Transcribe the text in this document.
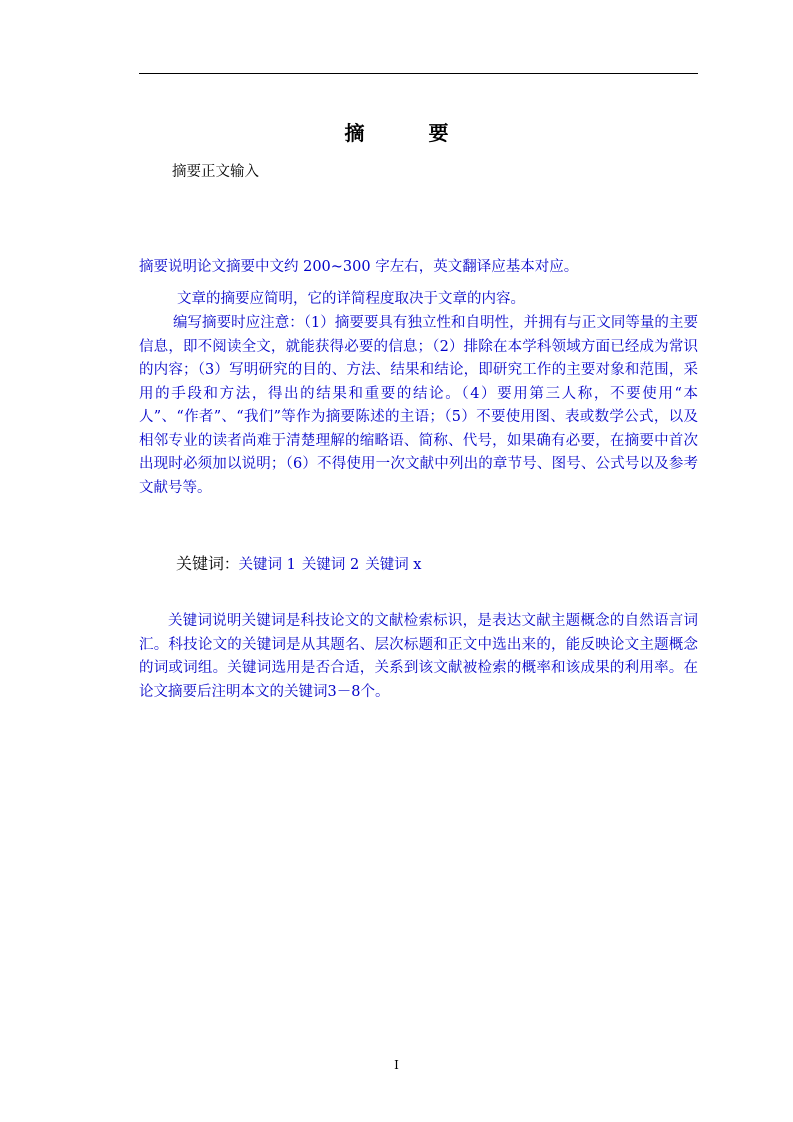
摘　要
摘要正文输入
摘要说明论文摘要中文约 200~300 字左右，英文翻译应基本对应。
文章的摘要应简明，它的详简程度取决于文章的内容。
编写摘要时应注意：（1）摘要要具有独立性和自明性，并拥有与正文同等量的主要信息，即不阅读全文，就能获得必要的信息；（2）排除在本学科领域方面已经成为常识的内容；（3）写明研究的目的、方法、结果和结论，即研究工作的主要对象和范围，采用的手段和方法，得出的结果和重要的结论。（4）要用第三人称，不要使用“本人”、“作者”、“我们”等作为摘要陈述的主语；（5）不要使用图、表或数学公式，以及相邻专业的读者尚难于清楚理解的缩略语、简称、代号，如果确有必要，在摘要中首次出现时必须加以说明；（6）不得使用一次文献中列出的章节号、图号、公式号以及参考文献号等。
关键词：关键词 1 关键词 2 关键词 x
关键词说明关键词是科技论文的文献检索标识，是表达文献主题概念的自然语言词汇。科技论文的关键词是从其题名、层次标题和正文中选出来的，能反映论文主题概念的词或词组。关键词选用是否合适，关系到该文献被检索的概率和该成果的利用率。在论文摘要后注明本文的关键词3－8个。
I
